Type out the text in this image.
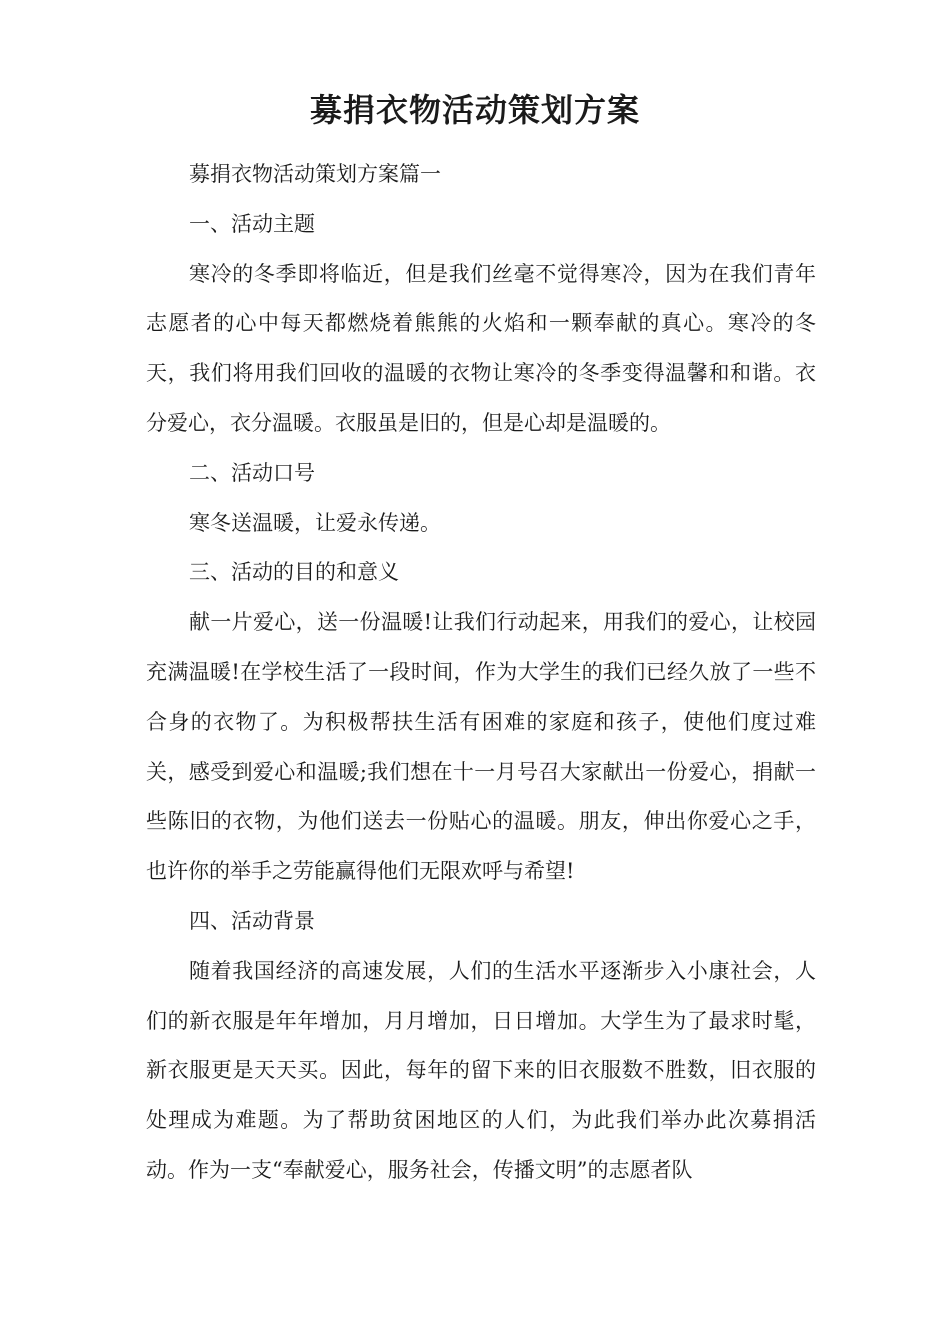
募捐衣物活动策划方案

募捐衣物活动策划方案篇一

一、活动主题

寒冷的冬季即将临近，但是我们丝毫不觉得寒冷，因为在我们青年志愿者的心中每天都燃烧着熊熊的火焰和一颗奉献的真心。寒冷的冬天，我们将用我们回收的温暖的衣物让寒冷的冬季变得温馨和和谐。衣分爱心，衣分温暖。衣服虽是旧的，但是心却是温暖的。

二、活动口号

寒冬送温暖，让爱永传递。

三、活动的目的和意义

献一片爱心，送一份温暖!让我们行动起来，用我们的爱心，让校园充满温暖!在学校生活了一段时间，作为大学生的我们已经久放了一些不合身的衣物了。为积极帮扶生活有困难的家庭和孩子，使他们度过难关，感受到爱心和温暖;我们想在十一月号召大家献出一份爱心，捐献一些陈旧的衣物，为他们送去一份贴心的温暖。朋友，伸出你爱心之手，也许你的举手之劳能赢得他们无限欢呼与希望!

四、活动背景

随着我国经济的高速发展，人们的生活水平逐渐步入小康社会，人们的新衣服是年年增加，月月增加，日日增加。大学生为了最求时髦，新衣服更是天天买。因此，每年的留下来的旧衣服数不胜数，旧衣服的处理成为难题。为了帮助贫困地区的人们，为此我们举办此次募捐活动。作为一支“奉献爱心，服务社会，传播文明”的志愿者队
